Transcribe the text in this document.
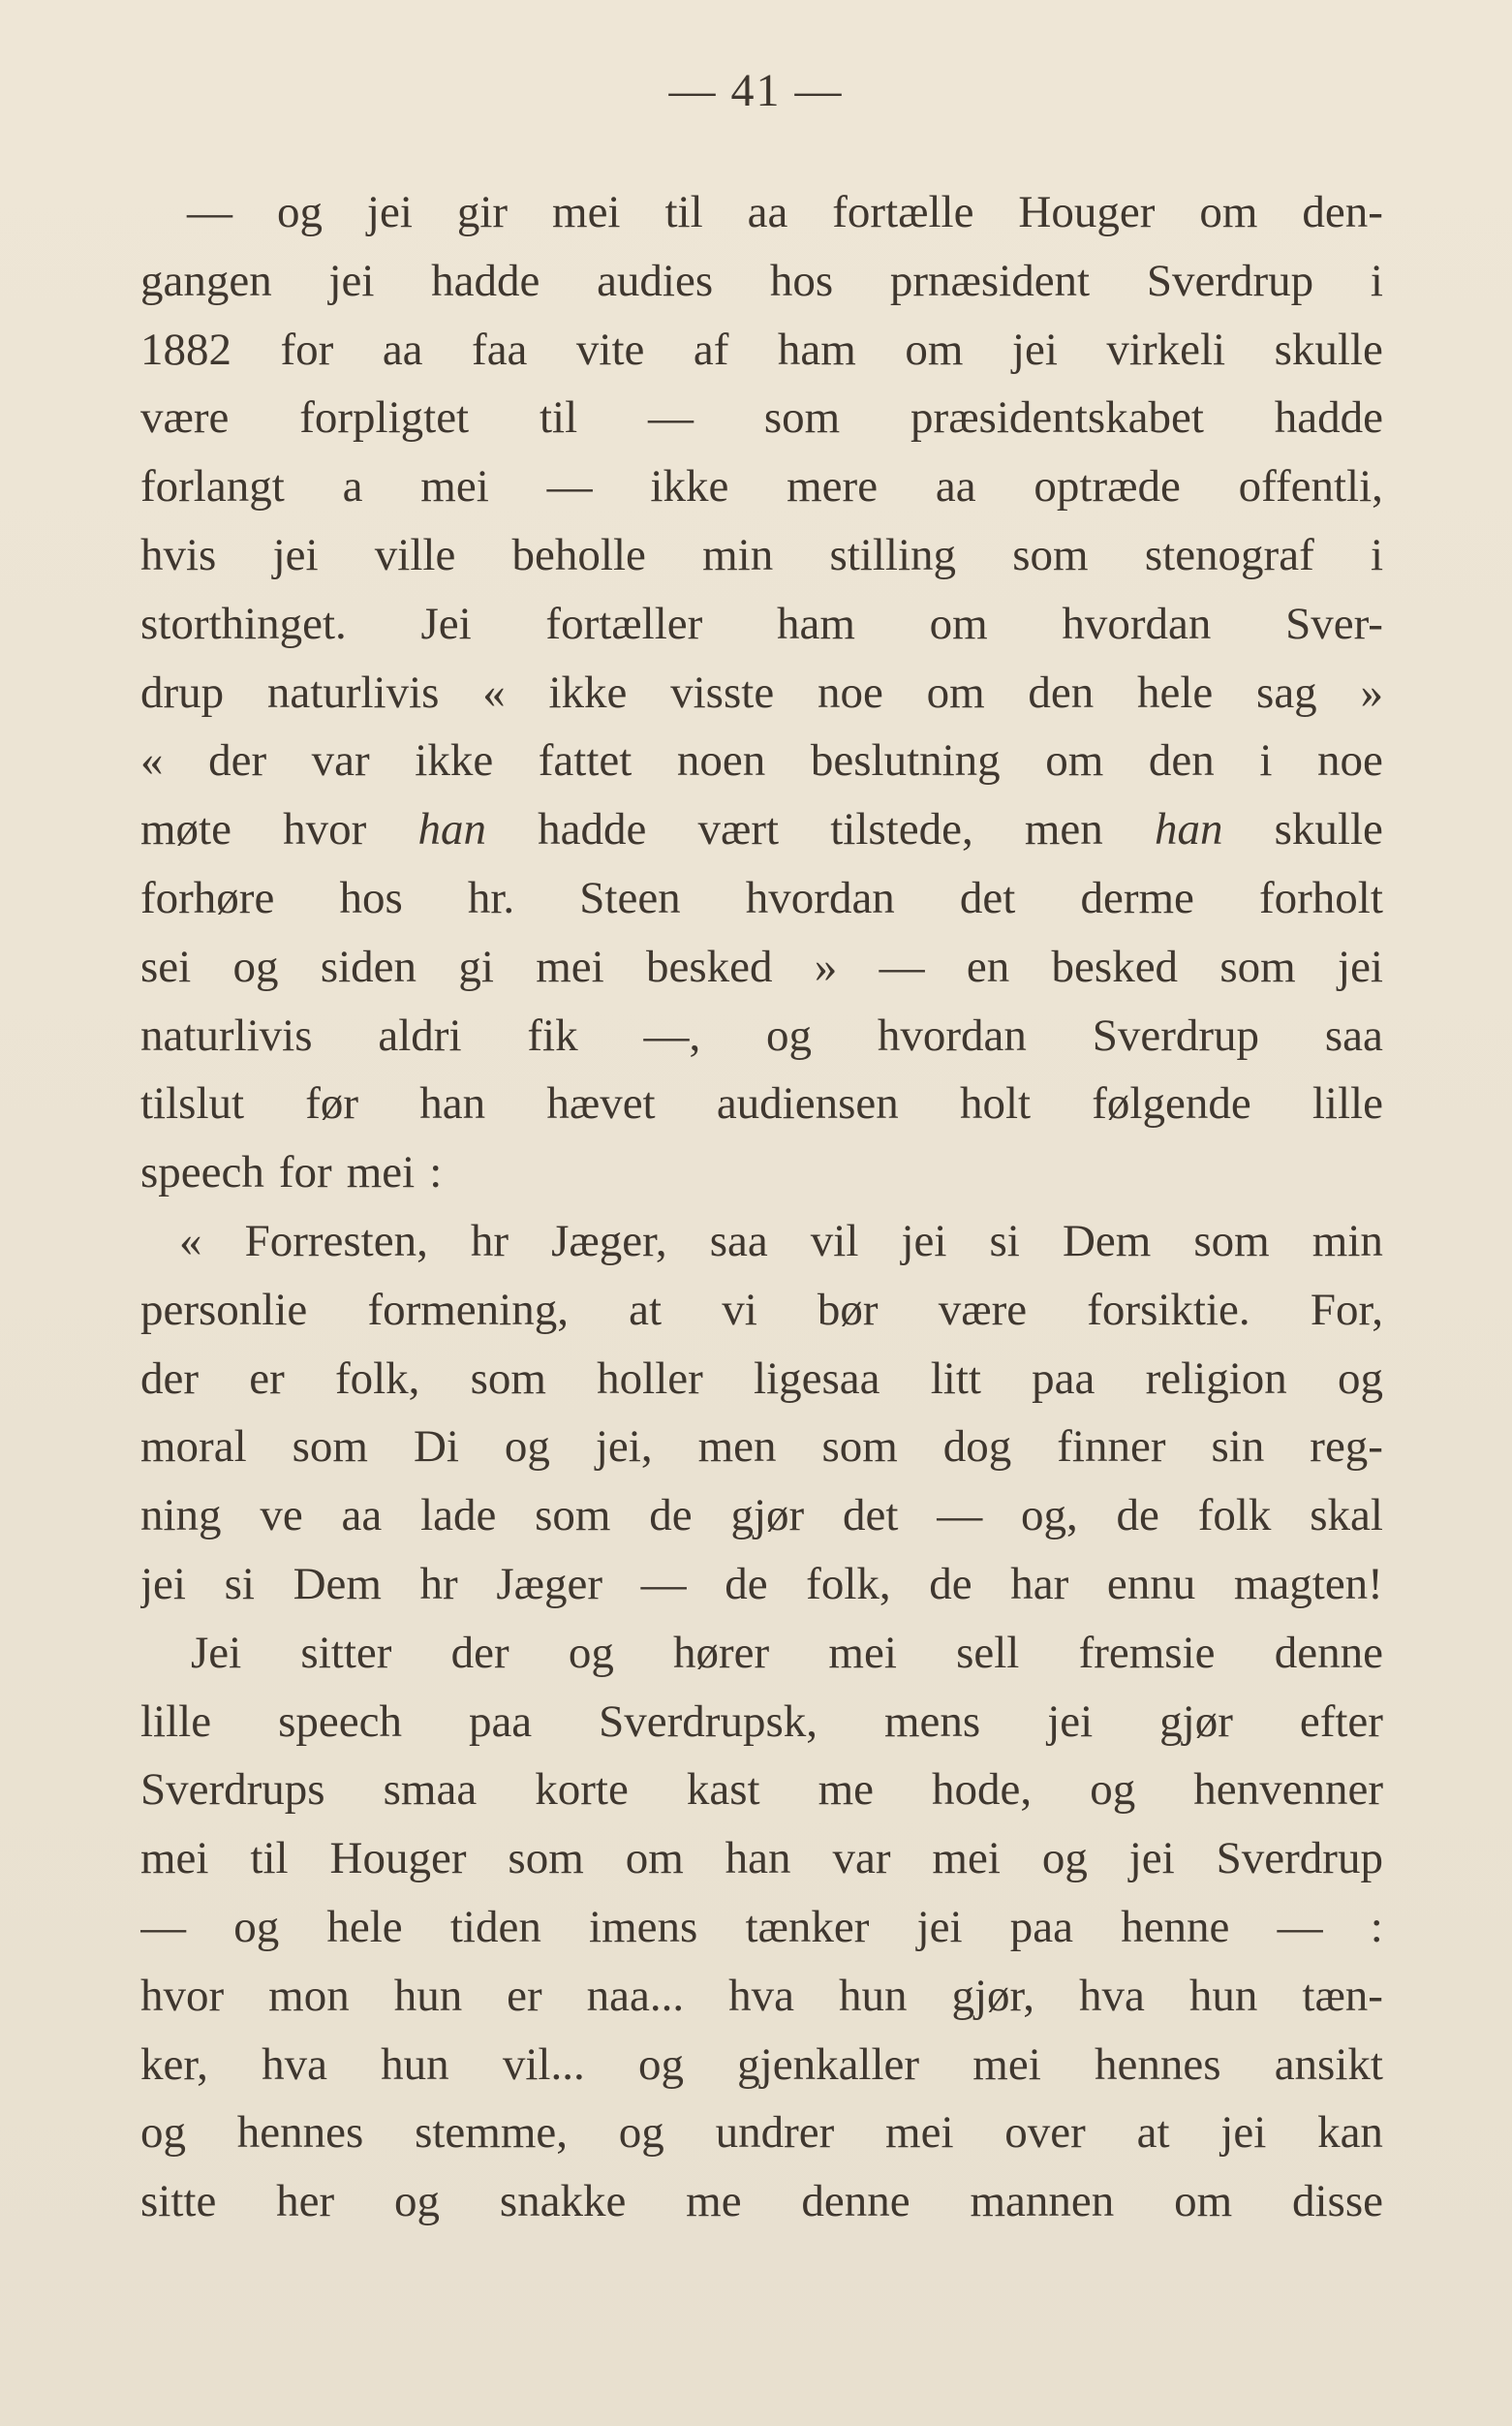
— 41 —
— og jei gir mei til aa fortælle Houger om den-
gangen jei hadde audies hos prnæsident Sverdrup i
1882 for aa faa vite af ham om jei virkeli skulle
være forpligtet til — som præsidentskabet hadde
forlangt a mei — ikke mere aa optræde offentli,
hvis jei ville beholle min stilling som stenograf i
storthinget. Jei fortæller ham om hvordan Sver-
drup naturlivis « ikke visste noe om den hele sag »
« der var ikke fattet noen beslutning om den i noe
møte hvor han hadde vært tilstede, men han skulle
forhøre hos hr. Steen hvordan det derme forholt
sei og siden gi mei besked » — en besked som jei
naturlivis aldri fik —, og hvordan Sverdrup saa
tilslut før han hævet audiensen holt følgende lille
speech for mei :
« Forresten, hr Jæger, saa vil jei si Dem som min
personlie formening, at vi bør være forsiktie. For,
der er folk, som holler ligesaa litt paa religion og
moral som Di og jei, men som dog finner sin reg-
ning ve aa lade som de gjør det — og, de folk skal
jei si Dem hr Jæger — de folk, de har ennu magten!
Jei sitter der og hører mei sell fremsie denne
lille speech paa Sverdrupsk, mens jei gjør efter
Sverdrups smaa korte kast me hode, og henvenner
mei til Houger som om han var mei og jei Sverdrup
— og hele tiden imens tænker jei paa henne — :
hvor mon hun er naa... hva hun gjør, hva hun tæn-
ker, hva hun vil... og gjenkaller mei hennes ansikt
og hennes stemme, og undrer mei over at jei kan
sitte her og snakke me denne mannen om disse
